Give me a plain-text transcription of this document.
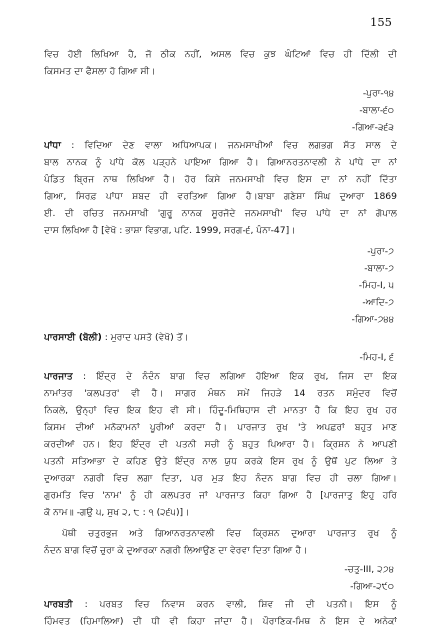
155
ਵਿਚ ਹੋਈ ਲਿਖਿਆ ਹੈ, ਜੋ ਠੀਕ ਨਹੀਂ, ਅਸਲ ਵਿਚ ਕੁਝ ਘੰਟਿਆਂ ਵਿਚ ਹੀ ਦਿੱਲੀ ਦੀ
ਕਿਸਮਤ ਦਾ ਫੈਸਲਾ ਹੋ ਗਿਆ ਸੀ।
-ਪੁਰਾ-੧੪
-ਬਾਲਾ-੬੦
-ਗਿਆ-੩੬੩
ਪਾਂਧਾ : ਵਿਦਿਆ ਦੇਣ ਵਾਲਾ ਅਧਿਆਪਕ। ਜਨਮਸਾਖੀਆਂ ਵਿਚ ਲਗਭਗ ਸੱਤ ਸਾਲ ਦੇ
ਬਾਲ ਨਾਨਕ ਨੂੰ ਪਾਂਧੇ ਕੋਲ ਪੜ੍ਹਨੇ ਪਾਇਆ ਗਿਆ ਹੈ। ਗਿਆਨਰਤਨਾਵਲੀ ਨੇ ਪਾਂਧੇ ਦਾ ਨਾਂ
ਪੰਡਿਤ ਬ੍ਰਿਜ ਨਾਥ ਲਿਖਿਆ ਹੈ। ਹੋਰ ਕਿਸੇ ਜਨਮਸਾਖੀ ਵਿਚ ਇਸ ਦਾ ਨਾਂ ਨਹੀਂ ਦਿੱਤਾ
ਗਿਆ, ਸਿਰਫ਼ ਪਾਂਧਾ ਸ਼ਬਦ ਹੀ ਵਰਤਿਆ ਗਿਆ ਹੈ।ਬਾਬਾ ਗਣੇਸ਼ਾ ਸਿੰਘ ਦੁਆਰਾ 1869
ਈ. ਦੀ ਰਚਿਤ ਜਨਮਸਾਖੀ 'ਗੁਰੂ ਨਾਨਕ ਸੂਰਜੋਦੇ ਜਨਮਸਾਖੀ' ਵਿਚ ਪਾਂਧੇ ਦਾ ਨਾਂ ਗੋਪਾਲ
ਦਾਸ ਲਿਖਿਆ ਹੈ [ਵੇਖੋ : ਭਾਸ਼ਾ ਵਿਭਾਗ, ਪਟਿ. 1999, ਸਰਗ-੬, ਪੰਨਾ-47]।
-ਪੁਰਾ-੭
-ਬਾਲਾ-੭
-ਮਿਹ-I, ੫
-ਆਦਿ-੭
-ਗਿਆ-੭੪੪
ਪਾਰਸਾਈ (ਬੋਲੀ) : ਮੁਰਾਦ ਪਸਤੋ (ਵੇਖੋ) ਤੋਂ।
-ਮਿਹ-I, ੬
ਪਾਰਜਾਤ : ਇੰਦ੍ਰ ਦੇ ਨੰਦੰਨ ਬਾਗ ਵਿਚ ਲਗਿਆ ਹੋਇਆ ਇਕ ਰੁਖ, ਜਿਸ ਦਾ ਇਕ
ਨਾਮਾਂਤਰ 'ਕਲਪਤਰ' ਵੀ ਹੈ। ਸਾਗਰ ਮੰਥਨ ਸਮੇਂ ਜਿਹੜੇ 14 ਰਤਨ ਸਮੁੰਦਰ ਵਿਚੋਂ
ਨਿਕਲੇ, ਉਨ੍ਹਾਂ ਵਿਚ ਇਕ ਇਹ ਵੀ ਸੀ। ਹਿੰਦੂ-ਮਿਥਿਹਾਸ ਦੀ ਮਾਨਤਾ ਹੈ ਕਿ ਇਹ ਰੁਖ ਹਰ
ਕਿਸਮ ਦੀਆਂ ਮਨੋਕਾਮਨਾਂ ਪੂਰੀਆਂ ਕਰਦਾ ਹੈ। ਪਾਰਜਾਤ ਰੁਖ 'ਤੇ ਅਪਛਰਾਂ ਬਹੁਤ ਮਾਣ
ਕਰਦੀਆਂ ਹਨ। ਇਹ ਇੰਦ੍ਰ ਦੀ ਪਤਨੀ ਸਚੀ ਨੂੰ ਬਹੁਤ ਪਿਆਰਾ ਹੈ। ਕ੍ਰਿਸ਼ਨ ਨੇ ਆਪਣੀ
ਪਤਨੀ ਸਤਿਆਭਾ ਦੇ ਕਹਿਣ ਉਤੇ ਇੰਦ੍ਰ ਨਾਲ ਯੁਧ ਕਰਕੇ ਇਸ ਰੁਖ ਨੂੰ ਉਥੋਂ ਪੁਟ ਲਿਆ ਤੇ
ਦੁਆਰਕਾ ਨਗਰੀ ਵਿਚ ਲਗਾ ਦਿਤਾ, ਪਰ ਮੁੜ ਇਹ ਨੰਦਨ ਬਾਗ ਵਿਚ ਹੀ ਚਲਾ ਗਿਆ।
ਗੁਰਮਤਿ ਵਿਚ 'ਨਾਮ' ਨੂੰ ਹੀ ਕਲਪਤਰ ਜਾਂ ਪਾਰਜਾਤ ਕਿਹਾ ਗਿਆ ਹੈ [ਪਾਰਜਾਤੁ ਇਹੁ ਹਰਿ
ਕੋ ਨਾਮ॥ -ਗਉ ੫, ਸੁਖ ੨, ੮ : ੧ (੨੬੫)]।
ਪੋਥੀ ਚਤੁਰਭੁਜ ਅਤੇ ਗਿਆਨਰਤਨਾਵਲੀ ਵਿਚ ਕ੍ਰਿਸ਼ਨ ਦੁਆਰਾ ਪਾਰਜਾਤ ਰੁਖ ਨੂੰ
ਨੰਦਨ ਬਾਗ ਵਿਚੋਂ ਚੁਰਾ ਕੇ ਦੁਆਰਕਾ ਨਗਰੀ ਲਿਆਉਣ ਦਾ ਵੇਰਵਾ ਦਿਤਾ ਗਿਆ ਹੈ।
-ਚਤੁ-III, ੨੭੪
-ਗਿਆ-੨੯੦
ਪਾਰਬਤੀ : ਪਰਬਤ ਵਿਚ ਨਿਵਾਸ ਕਰਨ ਵਾਲੀ, ਸ਼ਿਵ ਜੀ ਦੀ ਪਤਨੀ। ਇਸ ਨੂੰ
ਹਿੰਮਵਤ (ਹਿਮਾਲਿਆ) ਦੀ ਧੀ ਵੀ ਕਿਹਾ ਜਾਂਦਾ ਹੈ। ਪੌਰਾਣਿਕ-ਮਿਥ ਨੇ ਇਸ ਦੇ ਅਨੇਕਾਂ
